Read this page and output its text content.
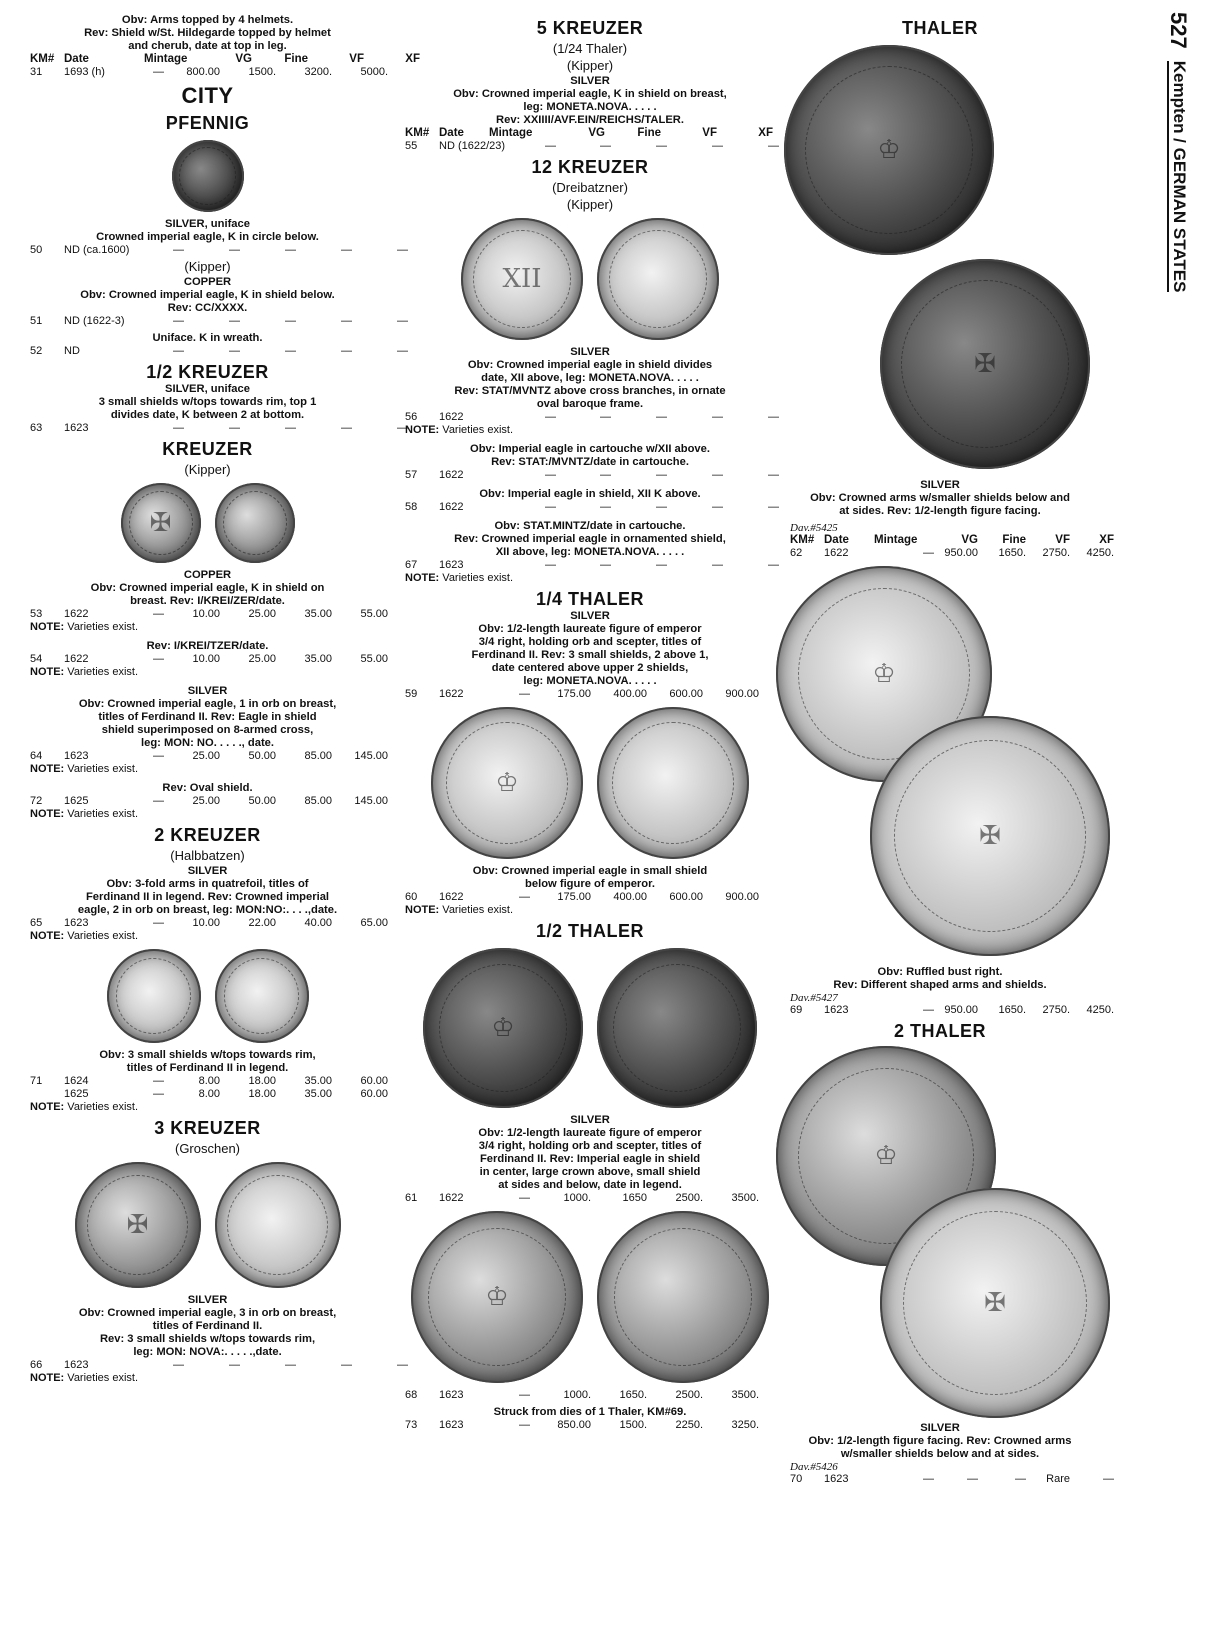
527
Kempten / GERMAN STATES
Obv: Arms topped by 4 helmets.
Rev: Shield w/St. Hildegarde topped by helmet
and cherub, date at top in leg.
KM# Date	Mintage	VG	Fine	VF	XF
31	1693 (h)	—	800.00	1500.	3200.	5000.
CITY
PFENNIG
SILVER, uniface
Crowned imperial eagle, K in circle below.
50	ND (ca.1600)	—	—	—	—	—
(Kipper)
COPPER
Obv: Crowned imperial eagle, K in shield below.
Rev: CC/XXXX.
51	ND (1622-3)	—	—	—	—	—
Uniface. K in wreath.
52	ND	—	—	—	—	—
1/2 KREUZER
SILVER, uniface
3 small shields w/tops towards rim, top 1
divides date, K between 2 at bottom.
63	1623	—	—	—	—	—
KREUZER
(Kipper)
✠
COPPER
Obv: Crowned imperial eagle, K in shield on
breast. Rev: I/KREI/ZER/date.
53	1622	—	10.00	25.00	35.00	55.00
NOTE: Varieties exist.
Rev: I/KREI/TZER/date.
54	1622	—	10.00	25.00	35.00	55.00
NOTE: Varieties exist.
SILVER
Obv: Crowned imperial eagle, 1 in orb on breast,
titles of Ferdinand II. Rev: Eagle in shield
shield superimposed on 8-armed cross,
leg: MON: NO. . . . ., date.
64	1623	—	25.00	50.00	85.00	145.00
NOTE: Varieties exist.
Rev: Oval shield.
72	1625	—	25.00	50.00	85.00	145.00
NOTE: Varieties exist.
2 KREUZER
(Halbbatzen)
SILVER
Obv: 3-fold arms in quatrefoil, titles of
Ferdinand II in legend. Rev: Crowned imperial
eagle, 2 in orb on breast, leg: MON:NO:. . . .,date.
65	1623	—	10.00	22.00	40.00	65.00
NOTE: Varieties exist.
Obv: 3 small shields w/tops towards rim,
titles of Ferdinand II in legend.
71	1624	—	8.00	18.00	35.00	60.00
1625	—	8.00	18.00	35.00	60.00
NOTE: Varieties exist.
3 KREUZER
(Groschen)
✠
SILVER
Obv: Crowned imperial eagle, 3 in orb on breast,
titles of Ferdinand II.
Rev: 3 small shields w/tops towards rim,
leg: MON: NOVA:. . . . .,date.
66	1623	—	—	—	—	—
NOTE: Varieties exist.
5 KREUZER
(1/24 Thaler)
(Kipper)
SILVER
Obv: Crowned imperial eagle, K in shield on breast,
leg: MONETA.NOVA. . . . .
Rev: XXIIII/AVF.EIN/REICHS/TALER.
KM# Date	Mintage	VG	Fine	VF	XF
55	ND (1622/23)	—	—	—	—	—
12 KREUZER
(Dreibatzner)
(Kipper)
XII
SILVER
Obv: Crowned imperial eagle in shield divides
date, XII above, leg: MONETA.NOVA. . . . .
Rev: STAT/MVNTZ above cross branches, in ornate
oval baroque frame.
56	1622	—	—	—	—	—
NOTE: Varieties exist.
Obv: Imperial eagle in cartouche w/XII above.
Rev: STAT:/MVNTZ/date in cartouche.
57	1622	—	—	—	—	—
Obv: Imperial eagle in shield, XII K above.
58	1622	—	—	—	—	—
Obv: STAT.MINTZ/date in cartouche.
Rev: Crowned imperial eagle in ornamented shield,
XII above, leg: MONETA.NOVA. . . . .
67	1623	—	—	—	—	—
NOTE: Varieties exist.
1/4 THALER
SILVER
Obv: 1/2-length laureate figure of emperor
3/4 right, holding orb and scepter, titles of
Ferdinand II. Rev: 3 small shields, 2 above 1,
date centered above upper 2 shields,
leg: MONETA.NOVA. . . . .
59	1622	—	175.00	400.00	600.00	900.00
♔
Obv: Crowned imperial eagle in small shield
below figure of emperor.
60	1622	—	175.00	400.00	600.00	900.00
NOTE: Varieties exist.
1/2 THALER
♔
SILVER
Obv: 1/2-length laureate figure of emperor
3/4 right, holding orb and scepter, titles of
Ferdinand II. Rev: Imperial eagle in shield
in center, large crown above, small shield
at sides and below, date in legend.
61	1622	—	1000.	1650	2500.	3500.
♔
68	1623	—	1000.	1650.	2500.	3500.
Struck from dies of 1 Thaler, KM#69.
73	1623	—	850.00	1500.	2250.	3250.
THALER
♔
✠
SILVER
Obv: Crowned arms w/smaller shields below and
at sides. Rev: 1/2-length figure facing.
Dav.#5425
KM# Date	Mintage	VG	Fine	VF	XF
62	1622	— 950.00	1650.	2750.	4250.
♔
✠
Obv: Ruffled bust right.
Rev: Different shaped arms and shields.
Dav.#5427
69	1623	— 950.00	1650.	2750.	4250.
2 THALER
♔
✠
SILVER
Obv: 1/2-length figure facing. Rev: Crowned arms
w/smaller shields below and at sides.
Dav.#5426
70	1623	—	—	—	Rare	—
